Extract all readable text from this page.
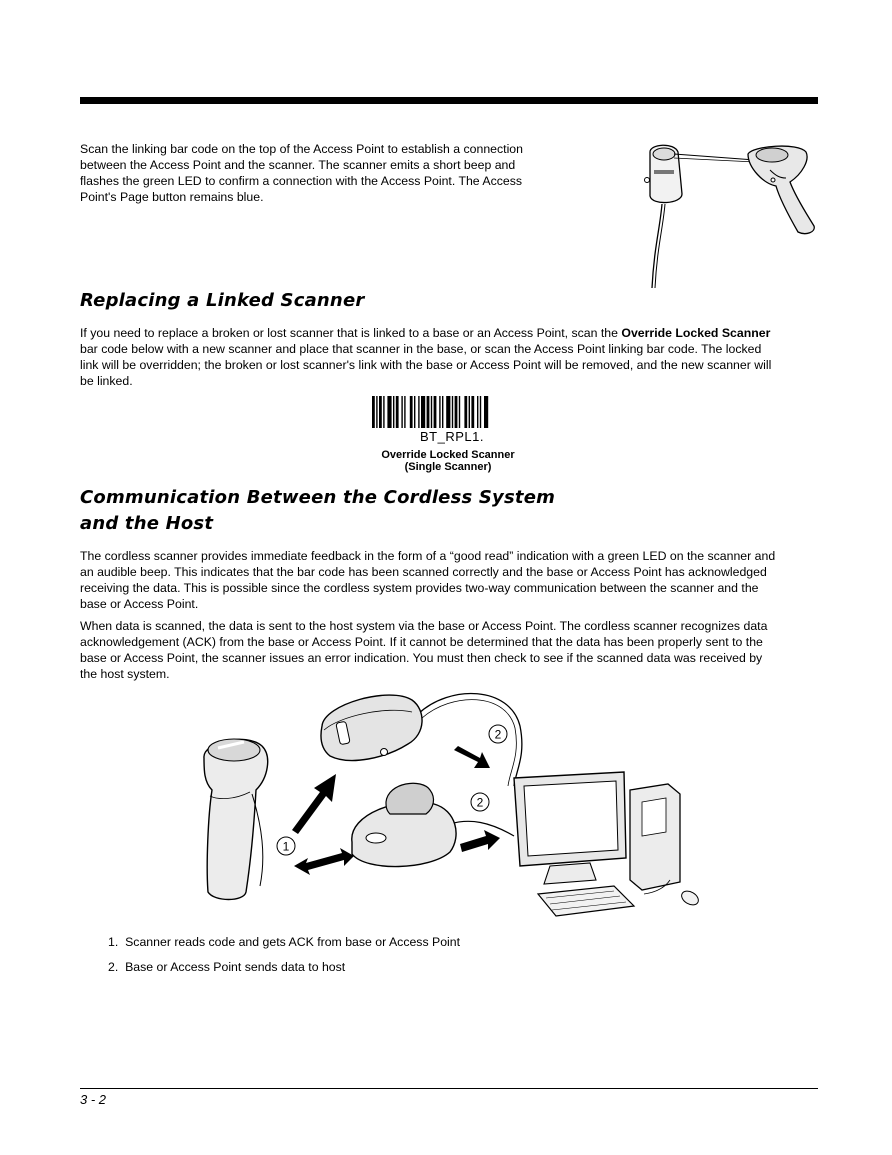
Scan the linking bar code on the top of the Access Point to establish a connection

between the Access Point and the scanner. The scanner emits a short beep and

flashes the green LED to confirm a connection with the Access Point. The Access

Point's Page button remains blue.

Replacing a Linked Scanner

If you need to replace a broken or lost scanner that is linked to a base or an Access Point, scan the Override Locked Scanner

bar code below with a new scanner and place that scanner in the base, or scan the Access Point linking bar code. The locked

link will be overridden; the broken or lost scanner's link with the base or Access Point will be removed, and the new scanner will

be linked.

BT_RPL1.
Override Locked Scanner
(Single Scanner)
Communication Between the Cordless System
and the Host

The cordless scanner provides immediate feedback in the form of a “good read” indication with a green LED on the scanner and

an audible beep. This indicates that the bar code has been scanned correctly and the base or Access Point has acknowledged

receiving the data. This is possible since the cordless system provides two-way communication between the scanner and the

base or Access Point.

When data is scanned, the data is sent to the host system via the base or Access Point. The cordless scanner recognizes data

acknowledgement (ACK) from the base or Access Point. If it cannot be determined that the data has been properly sent to the

base or Access Point, the scanner issues an error indication. You must then check to see if the scanned data was received by

the host system.

1
2
2
1. Scanner reads code and gets ACK from base or Access Point
2. Base or Access Point sends data to host
3 - 2
